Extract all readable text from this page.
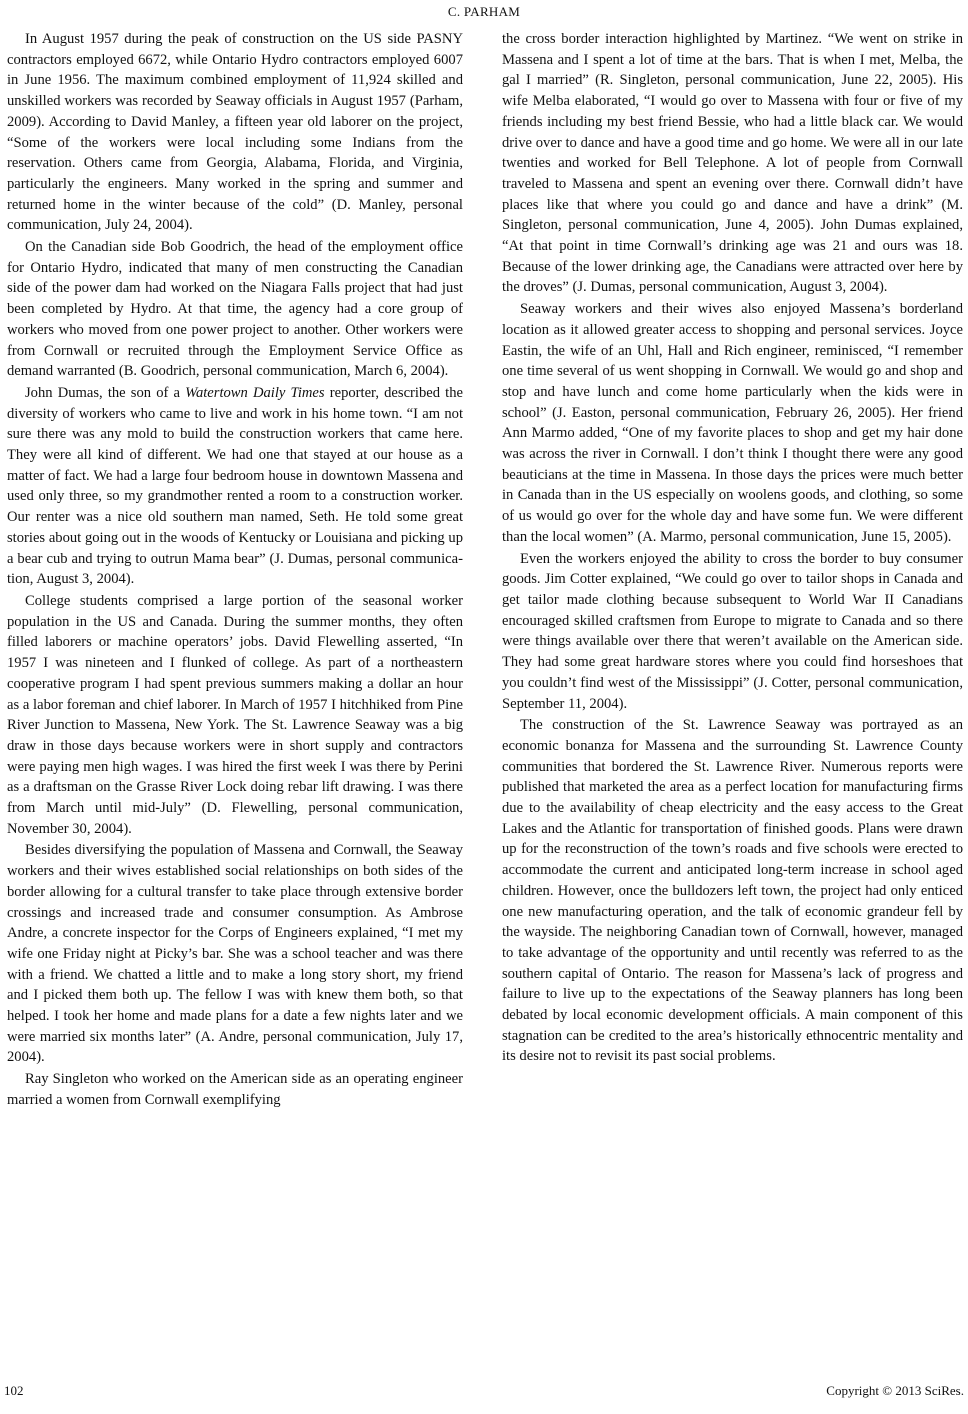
C. PARHAM

In August 1957 during the peak of construction on the US side PASNY contractors employed 6672, while Ontario Hydro contractors employed 6007 in June 1956. The maximum combined employment of 11,924 skilled and unskilled workers was recorded by Seaway officials in August 1957 (Parham, 2009). According to David Manley, a fifteen year old laborer on the project, “Some of the workers were local including some Indians from the reservation. Others came from Georgia, Alabama, Florida, and Virginia, particularly the engineers. Many worked in the spring and summer and returned home in the winter because of the cold” (D. Manley, personal communication, July 24, 2004).

On the Canadian side Bob Goodrich, the head of the employment office for Ontario Hydro, indicated that many of men constructing the Canadian side of the power dam had worked on the Niagara Falls project that had just been completed by Hydro. At that time, the agency had a core group of workers who moved from one power project to another. Other workers were from Cornwall or recruited through the Employment Service Office as demand warranted (B. Goodrich, personal communication, March 6, 2004).

John Dumas, the son of a Watertown Daily Times reporter, described the diversity of workers who came to live and work in his home town. “I am not sure there was any mold to build the construction workers that came here. They were all kind of different. We had one that stayed at our house as a matter of fact. We had a large four bedroom house in downtown Massena and used only three, so my grandmother rented a room to a construction worker. Our renter was a nice old southern man named, Seth. He told some great stories about going out in the woods of Kentucky or Louisiana and picking up a bear cub and trying to outrun Mama bear” (J. Dumas, personal communication, August 3, 2004).

College students comprised a large portion of the seasonal worker population in the US and Canada. During the summer months, they often filled laborers or machine operators’ jobs. David Flewelling asserted, “In 1957 I was nineteen and I flunked of college. As part of a northeastern cooperative program I had spent previous summers making a dollar an hour as a labor foreman and chief laborer. In March of 1957 I hitchhiked from Pine River Junction to Massena, New York. The St. Lawrence Seaway was a big draw in those days because workers were in short supply and contractors were paying men high wages. I was hired the first week I was there by Perini as a draftsman on the Grasse River Lock doing rebar lift drawing. I was there from March until mid-July” (D. Flewelling, personal communication, November 30, 2004).

Besides diversifying the population of Massena and Cornwall, the Seaway workers and their wives established social relationships on both sides of the border allowing for a cultural transfer to take place through extensive border crossings and increased trade and consumer consumption. As Ambrose Andre, a concrete inspector for the Corps of Engineers explained, “I met my wife one Friday night at Picky’s bar. She was a school teacher and was there with a friend. We chatted a little and to make a long story short, my friend and I picked them both up. The fellow I was with knew them both, so that helped. I took her home and made plans for a date a few nights later and we were married six months later” (A. Andre, personal communication, July 17, 2004).

Ray Singleton who worked on the American side as an operating engineer married a women from Cornwall exemplifying

the cross border interaction highlighted by Martinez. “We went on strike in Massena and I spent a lot of time at the bars. That is when I met, Melba, the gal I married” (R. Singleton, personal communication, June 22, 2005). His wife Melba elaborated, “I would go over to Massena with four or five of my friends including my best friend Bessie, who had a little black car. We would drive over to dance and have a good time and go home. We were all in our late twenties and worked for Bell Telephone. A lot of people from Cornwall traveled to Massena and spent an evening over there. Cornwall didn’t have places like that where you could go and dance and have a drink” (M. Singleton, personal communication, June 4, 2005). John Dumas explained, “At that point in time Cornwall’s drinking age was 21 and ours was 18. Because of the lower drinking age, the Canadians were attracted over here by the droves” (J. Dumas, personal communication, August 3, 2004).

Seaway workers and their wives also enjoyed Massena’s borderland location as it allowed greater access to shopping and personal services. Joyce Eastin, the wife of an Uhl, Hall and Rich engineer, reminisced, “I remember one time several of us went shopping in Cornwall. We would go and shop and stop and have lunch and come home particularly when the kids were in school” (J. Easton, personal communication, February 26, 2005). Her friend Ann Marmo added, “One of my favorite places to shop and get my hair done was across the river in Cornwall. I don’t think I thought there were any good beauticians at the time in Massena. In those days the prices were much better in Canada than in the US especially on woolens goods, and clothing, so some of us would go over for the whole day and have some fun. We were different than the local women” (A. Marmo, personal communication, June 15, 2005).

Even the workers enjoyed the ability to cross the border to buy consumer goods. Jim Cotter explained, “We could go over to tailor shops in Canada and get tailor made clothing because subsequent to World War II Canadians encouraged skilled craftsmen from Europe to migrate to Canada and so there were things available over there that weren’t available on the American side. They had some great hardware stores where you could find horseshoes that you couldn’t find west of the Mississippi” (J. Cotter, personal communication, September 11, 2004).

The construction of the St. Lawrence Seaway was portrayed as an economic bonanza for Massena and the surrounding St. Lawrence County communities that bordered the St. Lawrence River. Numerous reports were published that marketed the area as a perfect location for manufacturing firms due to the availability of cheap electricity and the easy access to the Great Lakes and the Atlantic for transportation of finished goods. Plans were drawn up for the reconstruction of the town’s roads and five schools were erected to accommodate the current and anticipated long-term increase in school aged children. However, once the bulldozers left town, the project had only enticed one new manufacturing operation, and the talk of economic grandeur fell by the wayside. The neighboring Canadian town of Cornwall, however, managed to take advantage of the opportunity and until recently was referred to as the southern capital of Ontario. The reason for Massena’s lack of progress and failure to live up to the expectations of the Seaway planners has long been debated by local economic development officials. A main component of this stagnation can be credited to the area’s historically ethnocentric mentality and its desire not to revisit its past social problems.

102	Copyright © 2013 SciRes.
